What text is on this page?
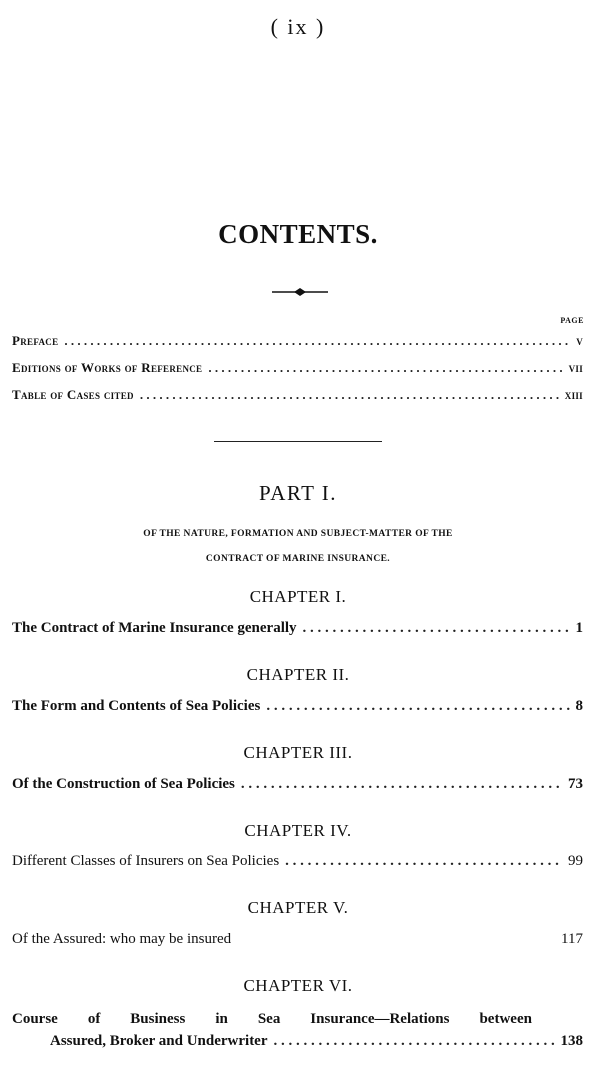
( ix )
CONTENTS.
PAGE
Preface . . .	v
Editions of Works of Reference . . .	vii
Table of Cases cited . . .	xiii
PART I.
OF THE NATURE, FORMATION AND SUBJECT-MATTER OF THE
CONTRACT OF MARINE INSURANCE.
CHAPTER I.
The Contract of Marine Insurance generally . . .	1
CHAPTER II.
The Form and Contents of Sea Policies . . .	8
CHAPTER III.
Of the Construction of Sea Policies . . .	73
CHAPTER IV.
Different Classes of Insurers on Sea Policies . . .	99
CHAPTER V.
Of the Assured: who may be insured	117
CHAPTER VI.
Course of Business in Sea Insurance—Relations between
Assured, Broker and Underwriter . . .	138
